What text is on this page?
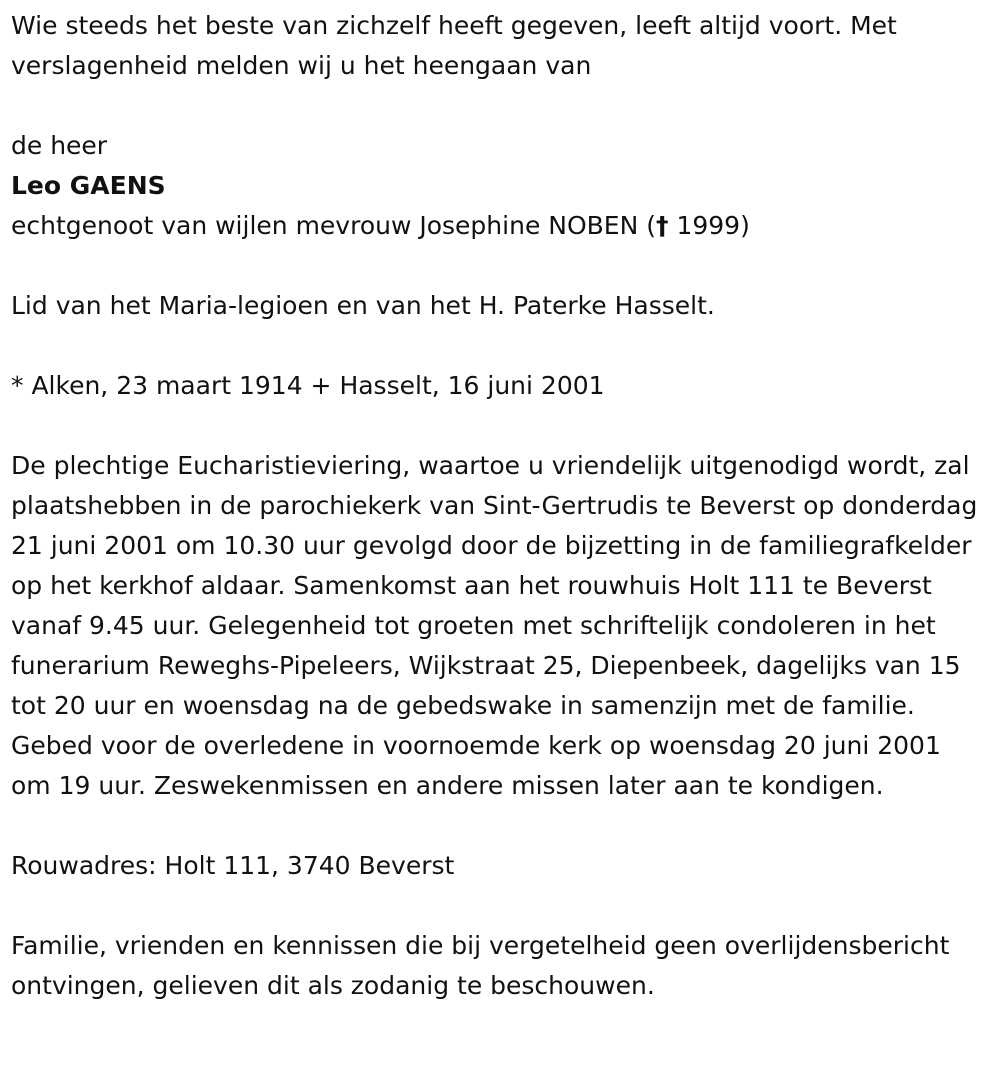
Wie steeds het beste van zichzelf heeft gegeven, leeft altijd voort. Met verslagenheid melden wij u het heengaan van

de heer

Leo GAENS

echtgenoot van wijlen mevrouw Josephine NOBEN († 1999)

Lid van het Maria-legioen en van het H. Paterke Hasselt.

* Alken, 23 maart 1914 + Hasselt, 16 juni 2001

De plechtige Eucharistieviering, waartoe u vriendelijk uitgenodigd wordt, zal plaatshebben in de parochiekerk van Sint-Gertrudis te Beverst op donderdag 21 juni 2001 om 10.30 uur gevolgd door de bijzetting in de familiegrafkelder op het kerkhof aldaar. Samenkomst aan het rouwhuis Holt 111 te Beverst vanaf 9.45 uur. Gelegenheid tot groeten met schriftelijk condoleren in het funerarium Reweghs-Pipeleers, Wijkstraat 25, Diepenbeek, dagelijks van 15 tot 20 uur en woensdag na de gebedswake in samenzijn met de familie. Gebed voor de overledene in voornoemde kerk op woensdag 20 juni 2001 om 19 uur. Zeswekenmissen en andere missen later aan te kondigen.

Rouwadres: Holt 111, 3740 Beverst

Familie, vrienden en kennissen die bij vergetelheid geen overlijdensbericht ontvingen, gelieven dit als zodanig te beschouwen.
